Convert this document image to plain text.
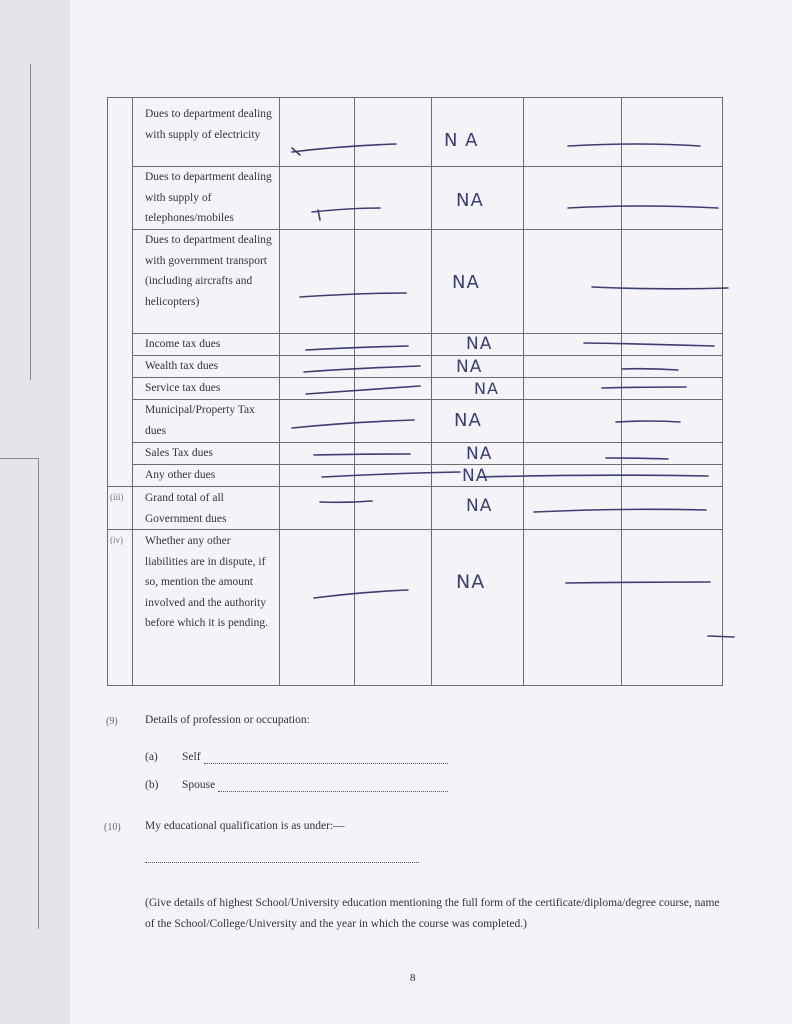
Dues to department dealing with supply of electricity
Dues to department dealing with supply of telephones/mobiles
Dues to department dealing with government transport (including aircrafts and helicopters)
Income tax dues
Wealth tax dues
Service tax dues
Municipal/Property Tax dues
Sales Tax dues
Any other dues
(iii) Grand total of all Government dues
(iv) Whether any other liabilities are in dispute, if so, mention the amount involved and the authority before which it is pending.
N A
NA
NA
NA
NA
NA
NA
NA
NA
NA
NA
(9) Details of profession or occupation:
(a) Self
(b) Spouse
(10) My educational qualification is as under:—
(Give details of highest School/University education mentioning the full form of the certificate/diploma/degree course, name of the School/College/University and the year in which the course was completed.)
8
